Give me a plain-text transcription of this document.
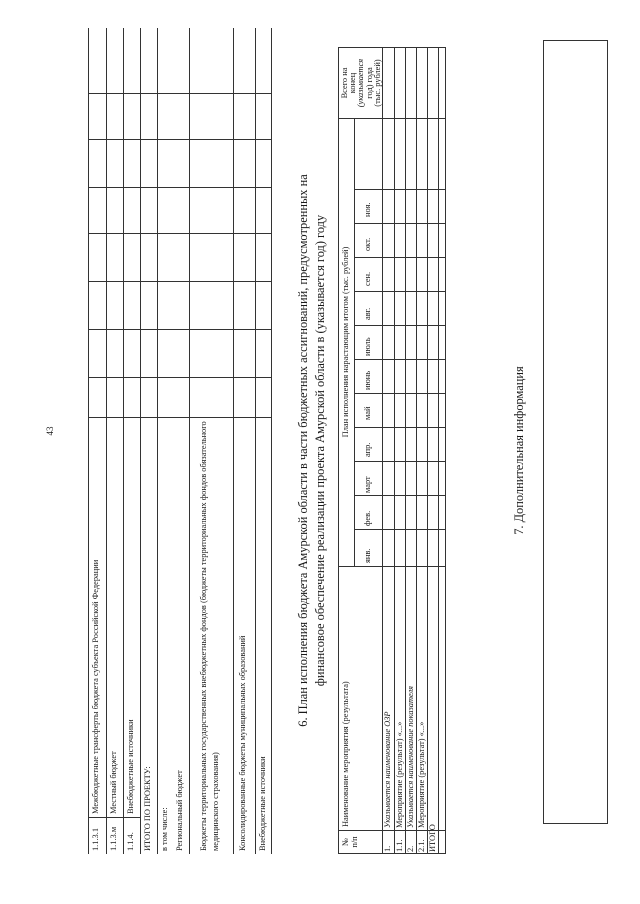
43
1.1.3.1
Межбюджетные трансферты бюджета субъекта Российской Федерации
1.1.3.м
Местный бюджет
1.1.4.
Внебюджетные источники ИТОГО ПО ПРОЕКТУ: в том числе: Региональный бюджет Бюджеты территориальных государственных внебюджетных фондов (бюджеты территориальных фондов обязательного медицинского страхования) Консолидированные бюджеты муниципальных образований Внебюджетные источники
6. План исполнения бюджета Амурской области в части бюджетных ассигнований, предусмотренных на финансовое обеспечение реализации проекта Амурской области в (указывается год) году
№ п/п
Наименование мероприятия (результата)
План исполнения нарастающим итогом (тыс. рублей)
янв.
фев.
март
апр.
май
июнь
июль
авг.
сен.
окт.
ноя.
Всего на конец (указывается год) года (тыс. рублей)
1.
Указывается наименование ОЗР
1.1.
Мероприятие (результат) «...»
2.
Указывается наименование показателя
2.1.
Мероприятие (результат) «...»
ИТОГО
7. Дополнительная информация
